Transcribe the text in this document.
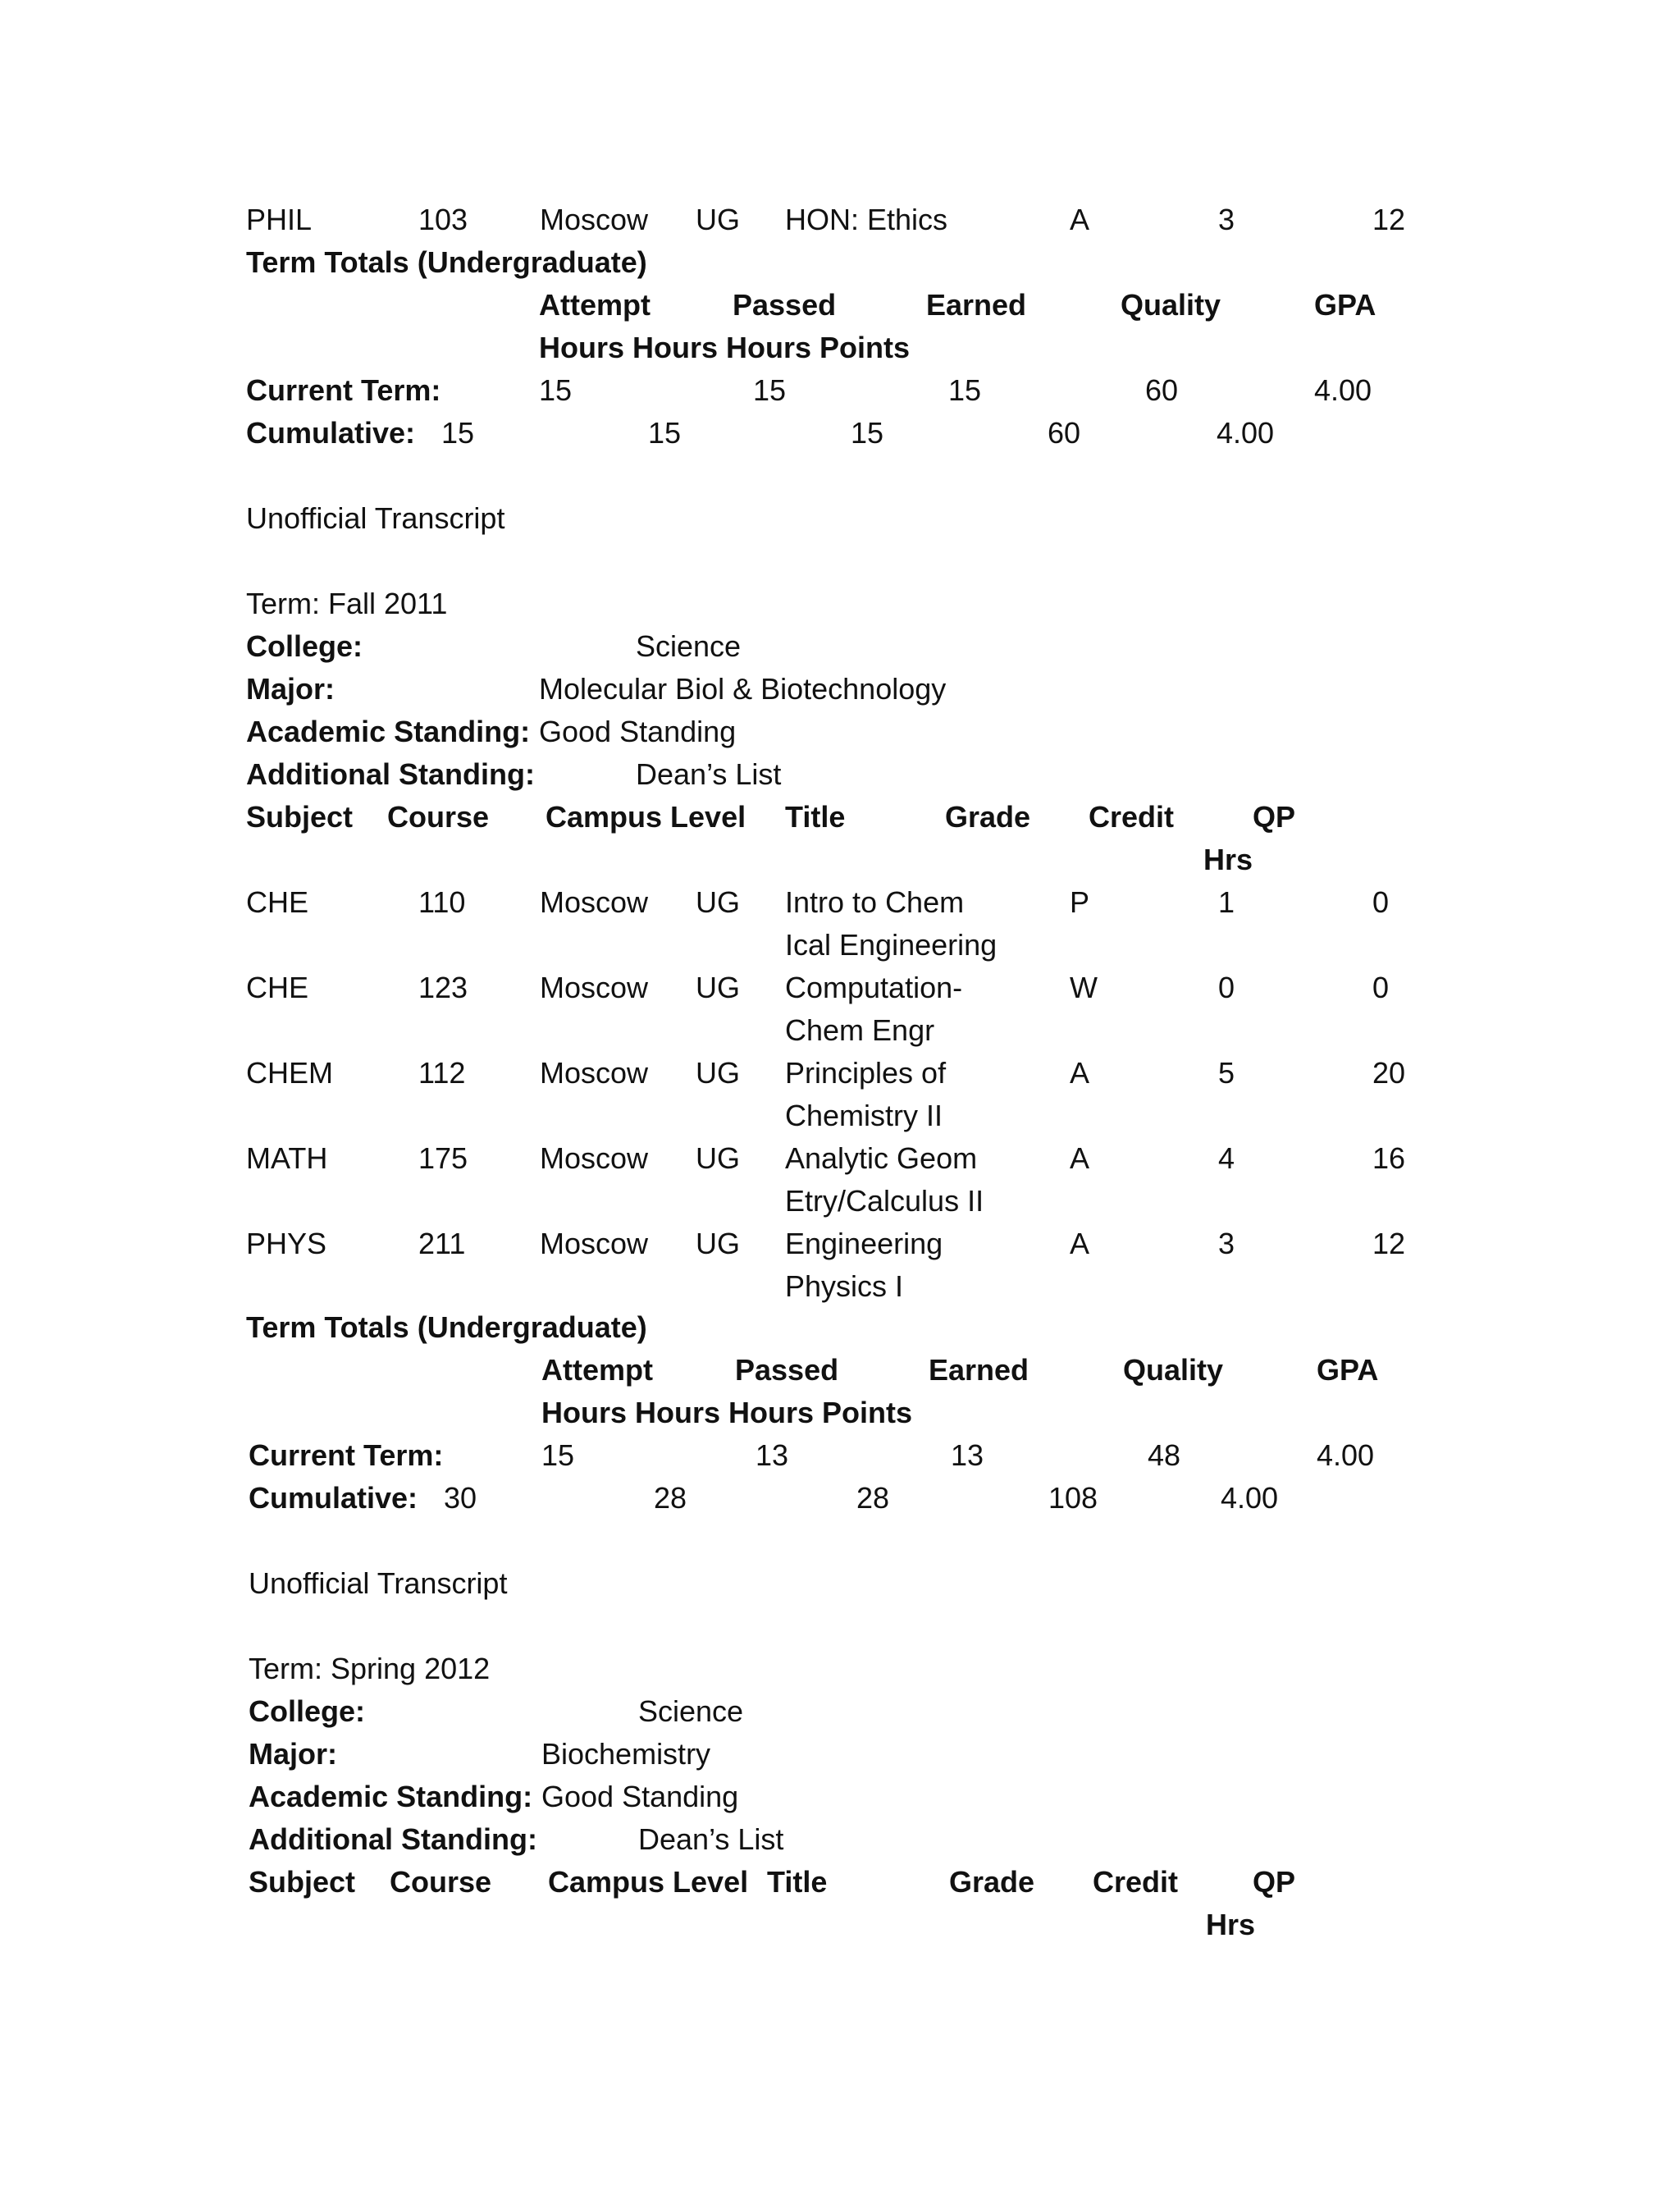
PHIL	103 Moscow UG HON: Ethics	A	3	12
Term Totals (Undergraduate)
Attempt	Passed	Earned	Quality	GPA
Hours Hours Hours Points
Current Term:	15	15	15	60	4.00
Cumulative: 15	15	15	60	4.00
Unofficial Transcript
Term: Fall 2011
College:	Science
Major:	Molecular Biol & Biotechnology
Academic Standing: Good Standing
Additional Standing:	Dean’s List
Subject Course Campus Level Title	Grade Credit	QP
Hrs
CHE	110	Moscow UG Intro to Chem	P	1	0
Ical Engineering
CHE	123 Moscow UG Computation-	W	0	0
Chem Engr
CHEM	112	Moscow UG Principles of	A	5	20
Chemistry II
MATH	175 Moscow UG Analytic Geom	A	4	16
Etry/Calculus II
PHYS	211	Moscow UG Engineering	A	3	12
Physics I
Term Totals (Undergraduate)
Attempt	Passed	Earned	Quality	GPA
Hours Hours Hours Points
Current Term:	15	13	13	48	4.00
Cumulative: 30	28	28	108	4.00
Unofficial Transcript
Term: Spring 2012
College:	Science
Major:	Biochemistry
Academic Standing: Good Standing
Additional Standing:	Dean’s List
Subject Course Campus Level Title	Grade Credit	QP
Hrs
